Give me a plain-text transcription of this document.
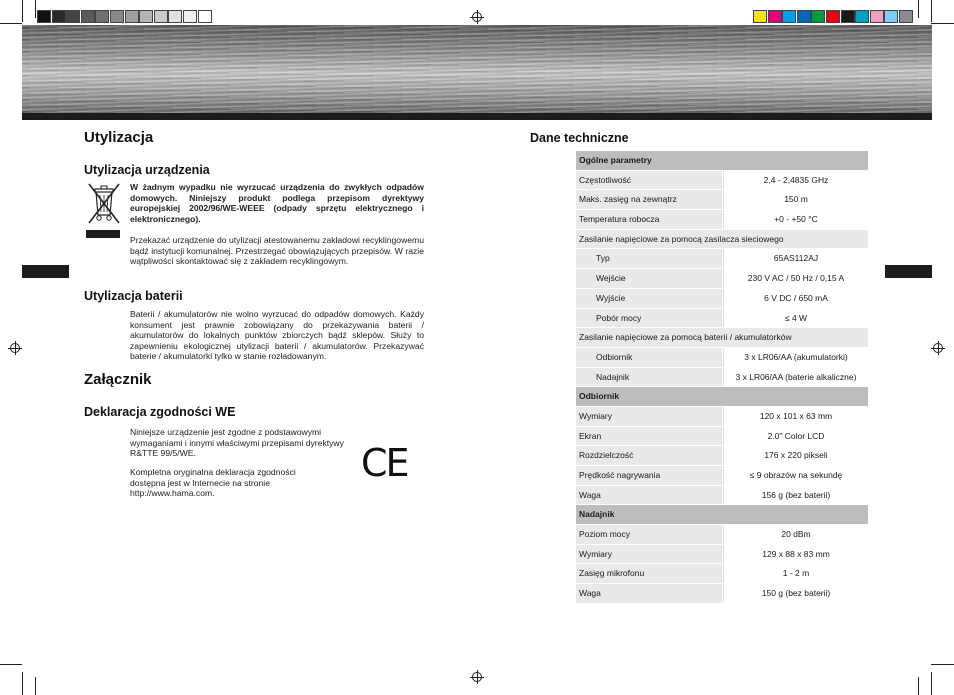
Utylizacja
Utylizacja urządzenia

W żadnym wypadku nie wyrzucać urządzenia do zwykłych odpadów domowych. Niniejszy produkt podlega przepisom dyrektywy europejskiej 2002/96/WE-WEEE (odpady sprzętu elektrycznego i elektronicznego).

Przekazać urządzenie do utylizacji atestowanemu zakładowi recyklingowemu bądź instytucji komunalnej. Przestrzegać obowiązujących przepisów. W razie wątpliwości skontaktować się z zakładem recyklingowym.

Utylizacja baterii

Baterii / akumulatorów nie wolno wyrzucać do odpadów domowych. Każdy konsument jest prawnie zobowiązany do przekazywania baterii / akumulatorów do lokalnych punktów zbiorczych bądź sklepów. Służy to zapewnieniu ekologicznej utylizacji baterii / akumulatorów. Przekazywać baterie / akumulatorki tylko w stanie rozładowanym.

Załącznik
Deklaracja zgodności WE

Niniejsze urządzenie jest zgodne z podstawowymi wymaganiami i innymi właściwymi przepisami dyrektywy R&TTE 99/5/WE.

Kompletna oryginalna deklaracja zgodności dostępna jest w Internecie na stronie http://www.hama.com.

CE
Dane techniczne
Ogólne parametry
Częstotliwość	2,4 - 2,4835 GHz
Maks. zasięg na zewnątrz	150 m
Temperatura robocza	+0 - +50 °C
Zasilanie napięciowe za pomocą zasilacza sieciowego
Typ	65AS112AJ
Wejście	230 V AC / 50 Hz / 0,15 A
Wyjście	6 V DC / 650 mA
Pobór mocy	≤ 4 W
Zasilanie napięciowe za pomocą baterii / akumulatorków
Odbiornik	3 x LR06/AA (akumulatorki)
Nadajnik	3 x LR06/AA (baterie alkaliczne)
Odbiornik
Wymiary	120 x 101 x 63 mm
Ekran	2.0" Color LCD
Rozdzielczość	176 x 220 pikseli
Prędkość nagrywania	≤ 9 obrazów na sekundę
Waga	156 g (bez baterii)
Nadajnik
Poziom mocy	20 dBm
Wymiary	129 x 88 x 83 mm
Zasięg mikrofonu	1 - 2 m
Waga	150 g (bez baterii)
